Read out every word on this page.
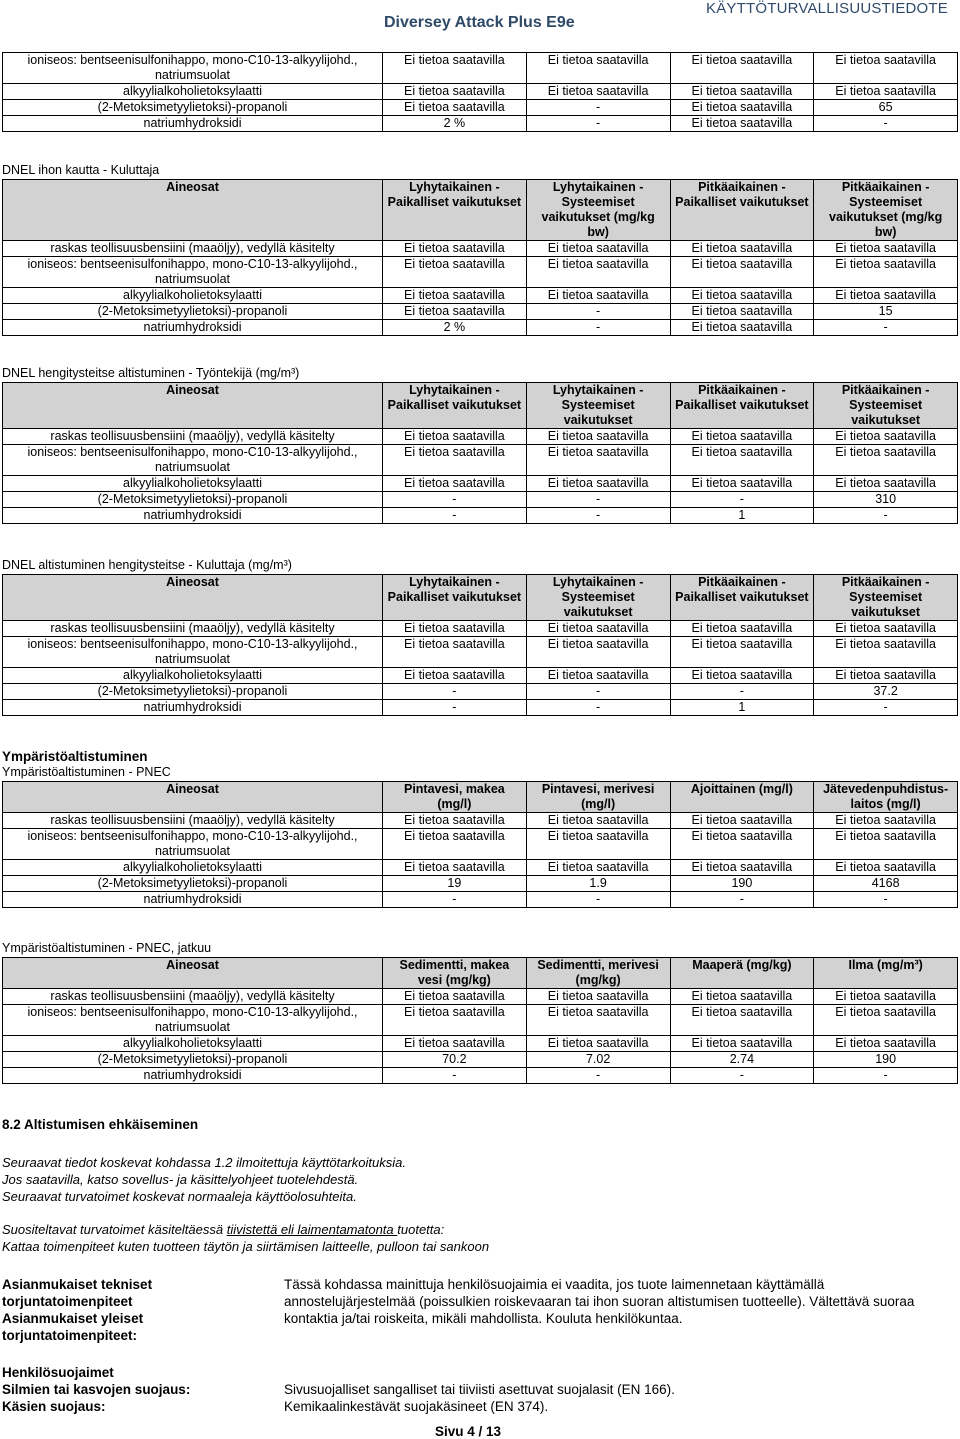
Diversey Attack Plus E9e
KÄYTTÖTURVALLISUUSTIEDOTE
ioniseos: bentseenisulfonihappo, mono-C10-13-alkyylijohd., natriumsuolat	Ei tietoa saatavilla	Ei tietoa saatavilla	Ei tietoa saatavilla	Ei tietoa saatavilla
alkyylialkoholietoksylaatti	Ei tietoa saatavilla	Ei tietoa saatavilla	Ei tietoa saatavilla	Ei tietoa saatavilla
(2-Metoksimetyylietoksi)-propanoli	Ei tietoa saatavilla	-	Ei tietoa saatavilla	65
natriumhydroksidi	2 %	-	Ei tietoa saatavilla	-
DNEL ihon kautta - Kuluttaja
Aineosat	Lyhytaikainen - Paikalliset vaikutukset	Lyhytaikainen - Systeemiset vaikutukset (mg/kg bw)	Pitkäaikainen - Paikalliset vaikutukset	Pitkäaikainen - Systeemiset vaikutukset (mg/kg bw)
raskas teollisuusbensiini (maaöljy), vedyllä käsitelty	Ei tietoa saatavilla	Ei tietoa saatavilla	Ei tietoa saatavilla	Ei tietoa saatavilla
ioniseos: bentseenisulfonihappo, mono-C10-13-alkyylijohd., natriumsuolat	Ei tietoa saatavilla	Ei tietoa saatavilla	Ei tietoa saatavilla	Ei tietoa saatavilla
alkyylialkoholietoksylaatti	Ei tietoa saatavilla	Ei tietoa saatavilla	Ei tietoa saatavilla	Ei tietoa saatavilla
(2-Metoksimetyylietoksi)-propanoli	Ei tietoa saatavilla	-	Ei tietoa saatavilla	15
natriumhydroksidi	2 %	-	Ei tietoa saatavilla	-
DNEL hengitysteitse altistuminen - Työntekijä (mg/m³)
Aineosat	Lyhytaikainen - Paikalliset vaikutukset	Lyhytaikainen - Systeemiset vaikutukset	Pitkäaikainen - Paikalliset vaikutukset	Pitkäaikainen - Systeemiset vaikutukset
raskas teollisuusbensiini (maaöljy), vedyllä käsitelty	Ei tietoa saatavilla	Ei tietoa saatavilla	Ei tietoa saatavilla	Ei tietoa saatavilla
ioniseos: bentseenisulfonihappo, mono-C10-13-alkyylijohd., natriumsuolat	Ei tietoa saatavilla	Ei tietoa saatavilla	Ei tietoa saatavilla	Ei tietoa saatavilla
alkyylialkoholietoksylaatti	Ei tietoa saatavilla	Ei tietoa saatavilla	Ei tietoa saatavilla	Ei tietoa saatavilla
(2-Metoksimetyylietoksi)-propanoli	-	-	-	310
natriumhydroksidi	-	-	1	-
DNEL altistuminen hengitysteitse - Kuluttaja (mg/m³)
Aineosat	Lyhytaikainen - Paikalliset vaikutukset	Lyhytaikainen - Systeemiset vaikutukset	Pitkäaikainen - Paikalliset vaikutukset	Pitkäaikainen - Systeemiset vaikutukset
raskas teollisuusbensiini (maaöljy), vedyllä käsitelty	Ei tietoa saatavilla	Ei tietoa saatavilla	Ei tietoa saatavilla	Ei tietoa saatavilla
ioniseos: bentseenisulfonihappo, mono-C10-13-alkyylijohd., natriumsuolat	Ei tietoa saatavilla	Ei tietoa saatavilla	Ei tietoa saatavilla	Ei tietoa saatavilla
alkyylialkoholietoksylaatti	Ei tietoa saatavilla	Ei tietoa saatavilla	Ei tietoa saatavilla	Ei tietoa saatavilla
(2-Metoksimetyylietoksi)-propanoli	-	-	-	37.2
natriumhydroksidi	-	-	1	-
Ympäristöaltistuminen
Ympäristöaltistuminen - PNEC
Aineosat	Pintavesi, makea (mg/l)	Pintavesi, merivesi (mg/l)	Ajoittainen (mg/l)	Jätevedenpuhdistus-laitos (mg/l)
raskas teollisuusbensiini (maaöljy), vedyllä käsitelty	Ei tietoa saatavilla	Ei tietoa saatavilla	Ei tietoa saatavilla	Ei tietoa saatavilla
ioniseos: bentseenisulfonihappo, mono-C10-13-alkyylijohd., natriumsuolat	Ei tietoa saatavilla	Ei tietoa saatavilla	Ei tietoa saatavilla	Ei tietoa saatavilla
alkyylialkoholietoksylaatti	Ei tietoa saatavilla	Ei tietoa saatavilla	Ei tietoa saatavilla	Ei tietoa saatavilla
(2-Metoksimetyylietoksi)-propanoli	19	1.9	190	4168
natriumhydroksidi	-	-	-	-
Ympäristöaltistuminen - PNEC, jatkuu
Aineosat	Sedimentti, makea vesi (mg/kg)	Sedimentti, merivesi (mg/kg)	Maaperä (mg/kg)	Ilma (mg/m³)
raskas teollisuusbensiini (maaöljy), vedyllä käsitelty	Ei tietoa saatavilla	Ei tietoa saatavilla	Ei tietoa saatavilla	Ei tietoa saatavilla
ioniseos: bentseenisulfonihappo, mono-C10-13-alkyylijohd., natriumsuolat	Ei tietoa saatavilla	Ei tietoa saatavilla	Ei tietoa saatavilla	Ei tietoa saatavilla
alkyylialkoholietoksylaatti	Ei tietoa saatavilla	Ei tietoa saatavilla	Ei tietoa saatavilla	Ei tietoa saatavilla
(2-Metoksimetyylietoksi)-propanoli	70.2	7.02	2.74	190
natriumhydroksidi	-	-	-	-
8.2 Altistumisen ehkäiseminen
Seuraavat tiedot koskevat kohdassa 1.2 ilmoitettuja käyttötarkoituksia.
Jos saatavilla, katso sovellus- ja käsittelyohjeet tuotelehdestä.
Seuraavat turvatoimet koskevat normaaleja käyttöolosuhteita.
Suositeltavat turvatoimet käsiteltäessä tiivistettä eli laimentamatonta tuotetta:
Kattaa toimenpiteet kuten tuotteen täytön ja siirtämisen laitteelle, pulloon tai sankoon
Asianmukaiset tekniset torjuntatoimenpiteet
Asianmukaiset yleiset torjuntatoimenpiteet:
Tässä kohdassa mainittuja henkilösuojaimia ei vaadita, jos tuote laimennetaan käyttämällä annostelujärjestelmää (poissulkien roiskevaaran tai ihon suoran altistumisen tuotteelle). Vältettävä suoraa kontaktia ja/tai roiskeita, mikäli mahdollista. Kouluta henkilökuntaa.
Henkilösuojaimet
Silmien tai kasvojen suojaus:	Sivusuojalliset sangalliset tai tiiviisti asettuvat suojalasit (EN 166).
Käsien suojaus:	Kemikaalinkestävät suojakäsineet (EN 374).
Sivu 4 / 13
